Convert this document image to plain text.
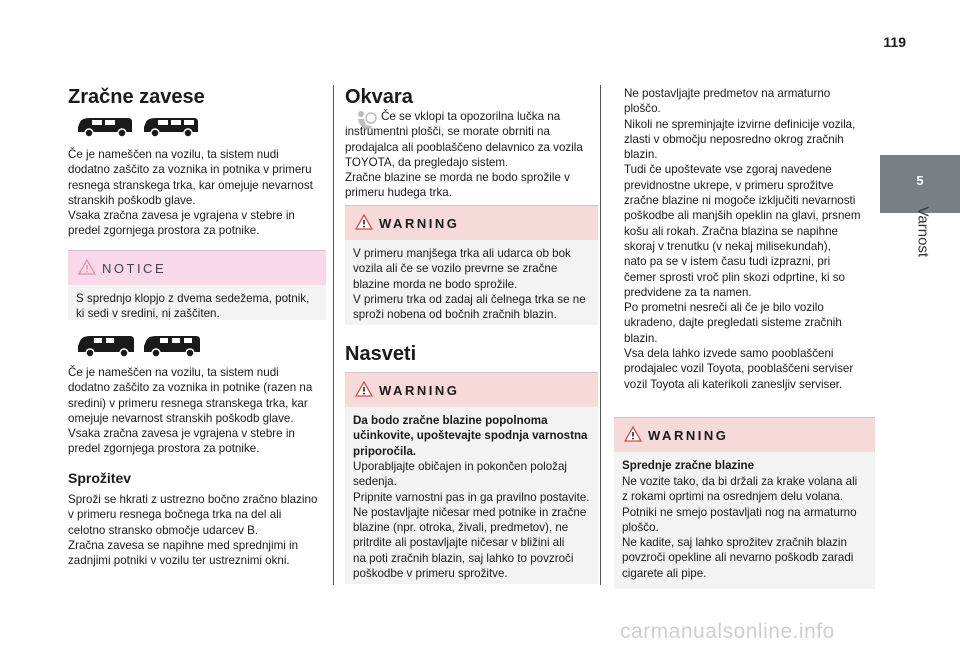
119
5
Varnost
Zračne zavese
Če je nameščen na vozilu, ta sistem nudi
dodatno zaščito za voznika in potnika v primeru
resnega stranskega trka, kar omejuje nevarnost
stranskih poškodb glave.
Vsaka zračna zavesa je vgrajena v stebre in
predel zgornjega prostora za potnike.
NOTICE
S sprednjo klopjo z dvema sedežema, potnik,
ki sedi v sredini, ni zaščiten.
Če je nameščen na vozilu, ta sistem nudi
dodatno zaščito za voznika in potnike (razen na
sredini) v primeru resnega stranskega trka, kar
omejuje nevarnost stranskih poškodb glave.
Vsaka zračna zavesa je vgrajena v stebre in
predel zgornjega prostora za potnike.
Sprožitev
Sproži se hkrati z ustrezno bočno zračno blazino
v primeru resnega bočnega trka na del ali
celotno stransko območje udarcev B.
Zračna zavesa se napihne med sprednjimi in
zadnjimi potniki v vozilu ter ustreznimi okni.
Okvara
Če se vklopi ta opozorilna lučka na
instrumentni plošči, se morate obrniti na
prodajalca ali pooblaščeno delavnico za vozila
TOYOTA, da pregledajo sistem.
Zračne blazine se morda ne bodo sprožile v
primeru hudega trka.
WARNING
V primeru manjšega trka ali udarca ob bok
vozila ali če se vozilo prevrne se zračne
blazine morda ne bodo sprožile.
V primeru trka od zadaj ali čelnega trka se ne
sproži nobena od bočnih zračnih blazin.
Nasveti
WARNING
Da bodo zračne blazine popolnoma
učinkovite, upoštevajte spodnja varnostna
priporočila.
Uporabljajte običajen in pokončen položaj
sedenja.
Pripnite varnostni pas in ga pravilno postavite.
Ne postavljajte ničesar med potnike in zračne
blazine (npr. otroka, živali, predmetov), ne
pritrdite ali postavljajte ničesar v bližini ali
na poti zračnih blazin, saj lahko to povzroči
poškodbe v primeru sprožitve.
Ne postavljajte predmetov na armaturno
ploščo.
Nikoli ne spreminjajte izvirne definicije vozila,
zlasti v območju neposredno okrog zračnih
blazin.
Tudi če upoštevate vse zgoraj navedene
previdnostne ukrepe, v primeru sprožitve
zračne blazine ni mogoče izključiti nevarnosti
poškodbe ali manjših opeklin na glavi, prsnem
košu ali rokah. Zračna blazina se napihne
skoraj v trenutku (v nekaj milisekundah),
nato pa se v istem času tudi izprazni, pri
čemer sprosti vroč plin skozi odprtine, ki so
predvidene za ta namen.
Po prometni nesreči ali če je bilo vozilo
ukradeno, dajte pregledati sisteme zračnih
blazin.
Vsa dela lahko izvede samo pooblaščeni
prodajalec vozil Toyota, pooblaščeni serviser
vozil Toyota ali katerikoli zanesljiv serviser.
WARNING
Sprednje zračne blazine
Ne vozite tako, da bi držali za krake volana ali
z rokami oprtimi na osrednjem delu volana.
Potniki ne smejo postavljati nog na armaturno
ploščo.
Ne kadite, saj lahko sprožitev zračnih blazin
povzroči opekline ali nevarno poškodb zaradi
cigarete ali pipe.
carmanualsonline.info
